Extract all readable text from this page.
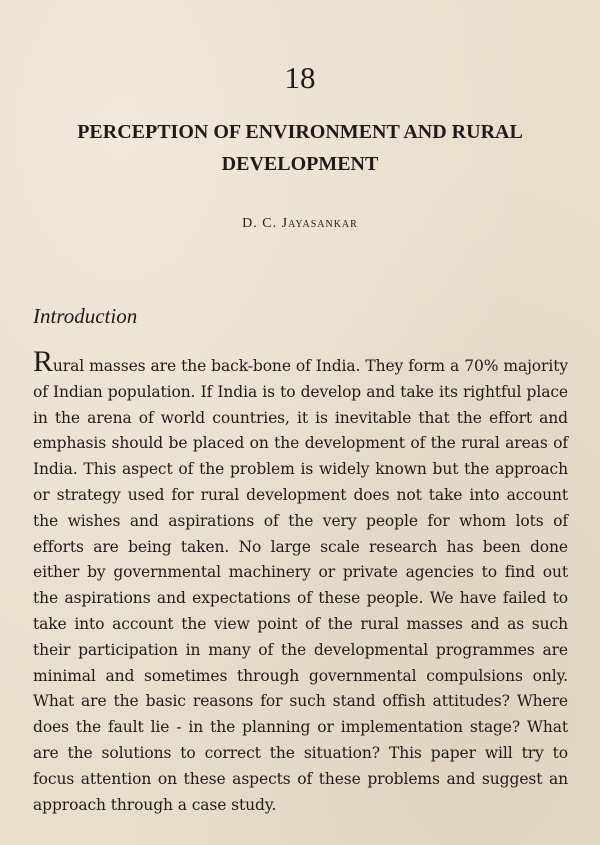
18
PERCEPTION OF ENVIRONMENT AND RURAL DEVELOPMENT
D. C. Jayasankar
Introduction
Rural masses are the back-bone of India. They form a 70% majority of Indian population. If India is to develop and take its rightful place in the arena of world countries, it is inevitable that the effort and emphasis should be placed on the development of the rural areas of India. This aspect of the problem is widely known but the approach or strategy used for rural development does not take into account the wishes and aspirations of the very people for whom lots of efforts are being taken. No large scale research has been done either by governmental machinery or private agencies to find out the aspirations and expectations of these people. We have failed to take into account the view point of the rural masses and as such their participation in many of the developmental programmes are minimal and sometimes through governmental compulsions only. What are the basic reasons for such stand offish attitudes? Where does the fault lie - in the planning or implementation stage? What are the solutions to correct the situation? This paper will try to focus attention on these aspects of these problems and suggest an approach through a case study.
